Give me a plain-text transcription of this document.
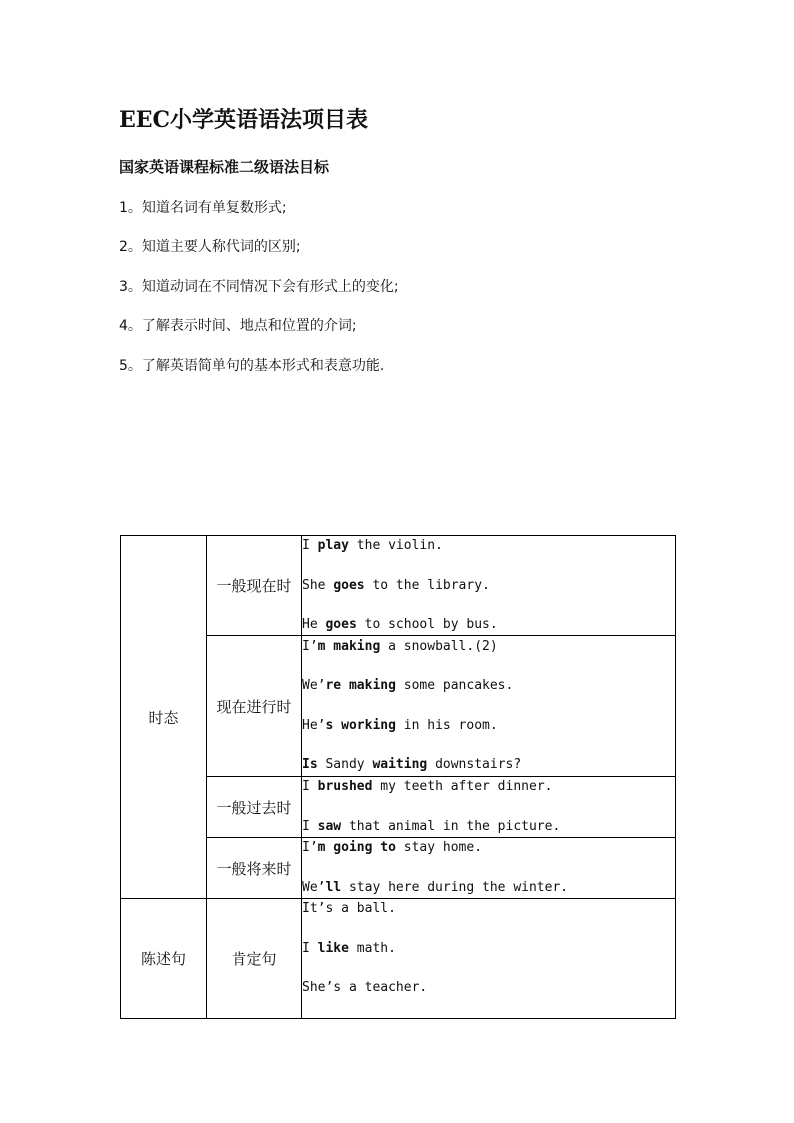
EEC小学英语语法项目表
国家英语课程标准二级语法目标
1。知道名词有单复数形式;
2。知道主要人称代词的区别;
3。知道动词在不同情况下会有形式上的变化;
4。了解表示时间、地点和位置的介词;
5。了解英语简单句的基本形式和表意功能.
时态	一般现在时	I play the violin.
She goes to the library.
He goes to school by bus.

	现在进行时	I’m making a snowball.(2)
We’re making some pancakes.
He’s working in his room.
Is Sandy waiting downstairs?

	一般过去时	I brushed my teeth after dinner.
I saw that animal in the picture.

	一般将来时	I’m going to stay home.
We’ll stay here during the winter.

陈述句	肯定句	It’s a ball.
I like math.
She’s a teacher.
